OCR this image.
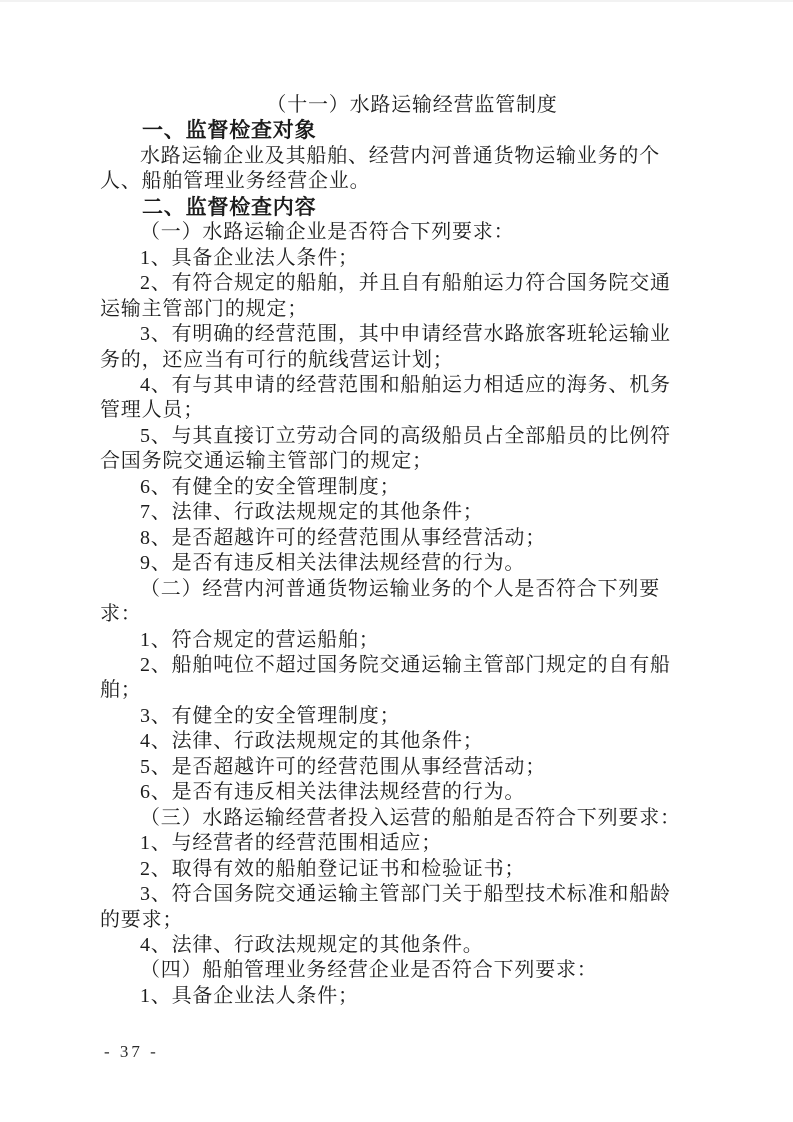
（十一）水路运输经营监管制度
一、监督检查对象
水路运输企业及其船舶、经营内河普通货物运输业务的个
人、船舶管理业务经营企业。
二、监督检查内容
（一）水路运输企业是否符合下列要求：
1、具备企业法人条件；
2、有符合规定的船舶，并且自有船舶运力符合国务院交通
运输主管部门的规定；
3、有明确的经营范围，其中申请经营水路旅客班轮运输业
务的，还应当有可行的航线营运计划；
4、有与其申请的经营范围和船舶运力相适应的海务、机务
管理人员；
5、与其直接订立劳动合同的高级船员占全部船员的比例符
合国务院交通运输主管部门的规定；
6、有健全的安全管理制度；
7、法律、行政法规规定的其他条件；
8、是否超越许可的经营范围从事经营活动；
9、是否有违反相关法律法规经营的行为。
（二）经营内河普通货物运输业务的个人是否符合下列要
求：
1、符合规定的营运船舶；
2、船舶吨位不超过国务院交通运输主管部门规定的自有船
舶；
3、有健全的安全管理制度；
4、法律、行政法规规定的其他条件；
5、是否超越许可的经营范围从事经营活动；
6、是否有违反相关法律法规经营的行为。
（三）水路运输经营者投入运营的船舶是否符合下列要求：
1、与经营者的经营范围相适应；
2、取得有效的船舶登记证书和检验证书；
3、符合国务院交通运输主管部门关于船型技术标准和船龄
的要求；
4、法律、行政法规规定的其他条件。
（四）船舶管理业务经营企业是否符合下列要求：
1、具备企业法人条件；
- 37 -
